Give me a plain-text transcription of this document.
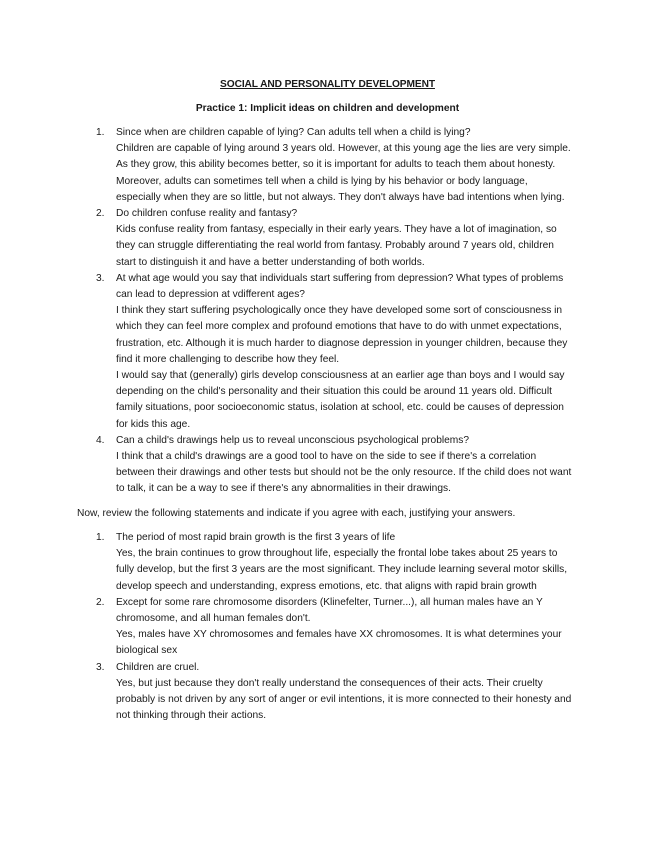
SOCIAL AND PERSONALITY DEVELOPMENT
Practice 1: Implicit ideas on children and development
1. Since when are children capable of lying? Can adults tell when a child is lying?

Children are capable of lying around 3 years old. However, at this young age the lies are very simple. As they grow, this ability becomes better, so it is important for adults to teach them about honesty. Moreover, adults can sometimes tell when a child is lying by his behavior or body language, especially when they are so little, but not always. They don't always have bad intentions when lying.

2. Do children confuse reality and fantasy?

Kids confuse reality from fantasy, especially in their early years. They have a lot of imagination, so they can struggle differentiating the real world from fantasy. Probably around 7 years old, children start to distinguish it and have a better understanding of both worlds.

3. At what age would you say that individuals start suffering from depression? What types of problems can lead to depression at vdifferent ages?

I think they start suffering psychologically once they have developed some sort of consciousness in which they can feel more complex and profound emotions that have to do with unmet expectations, frustration, etc. Although it is much harder to diagnose depression in younger children, because they find it more challenging to describe how they feel.

I would say that (generally) girls develop consciousness at an earlier age than boys and I would say depending on the child's personality and their situation this could be around 11 years old. Difficult family situations, poor socioeconomic status, isolation at school, etc. could be causes of depression for kids this age.

4. Can a child's drawings help us to reveal unconscious psychological problems?

I think that a child's drawings are a good tool to have on the side to see if there's a correlation between their drawings and other tests but should not be the only resource. If the child does not want to talk, it can be a way to see if there's any abnormalities in their drawings.

Now, review the following statements and indicate if you agree with each, justifying your answers.

1. The period of most rapid brain growth is the first 3 years of life

Yes, the brain continues to grow throughout life, especially the frontal lobe takes about 25 years to fully develop, but the first 3 years are the most significant. They include learning several motor skills, develop speech and understanding, express emotions, etc. that aligns with rapid brain growth

2. Except for some rare chromosome disorders (Klinefelter, Turner...), all human males have an Y chromosome, and all human females don't.

Yes, males have XY chromosomes and females have XX chromosomes. It is what determines your biological sex

3. Children are cruel.

Yes, but just because they don't really understand the consequences of their acts. Their cruelty probably is not driven by any sort of anger or evil intentions, it is more connected to their honesty and not thinking through their actions.
